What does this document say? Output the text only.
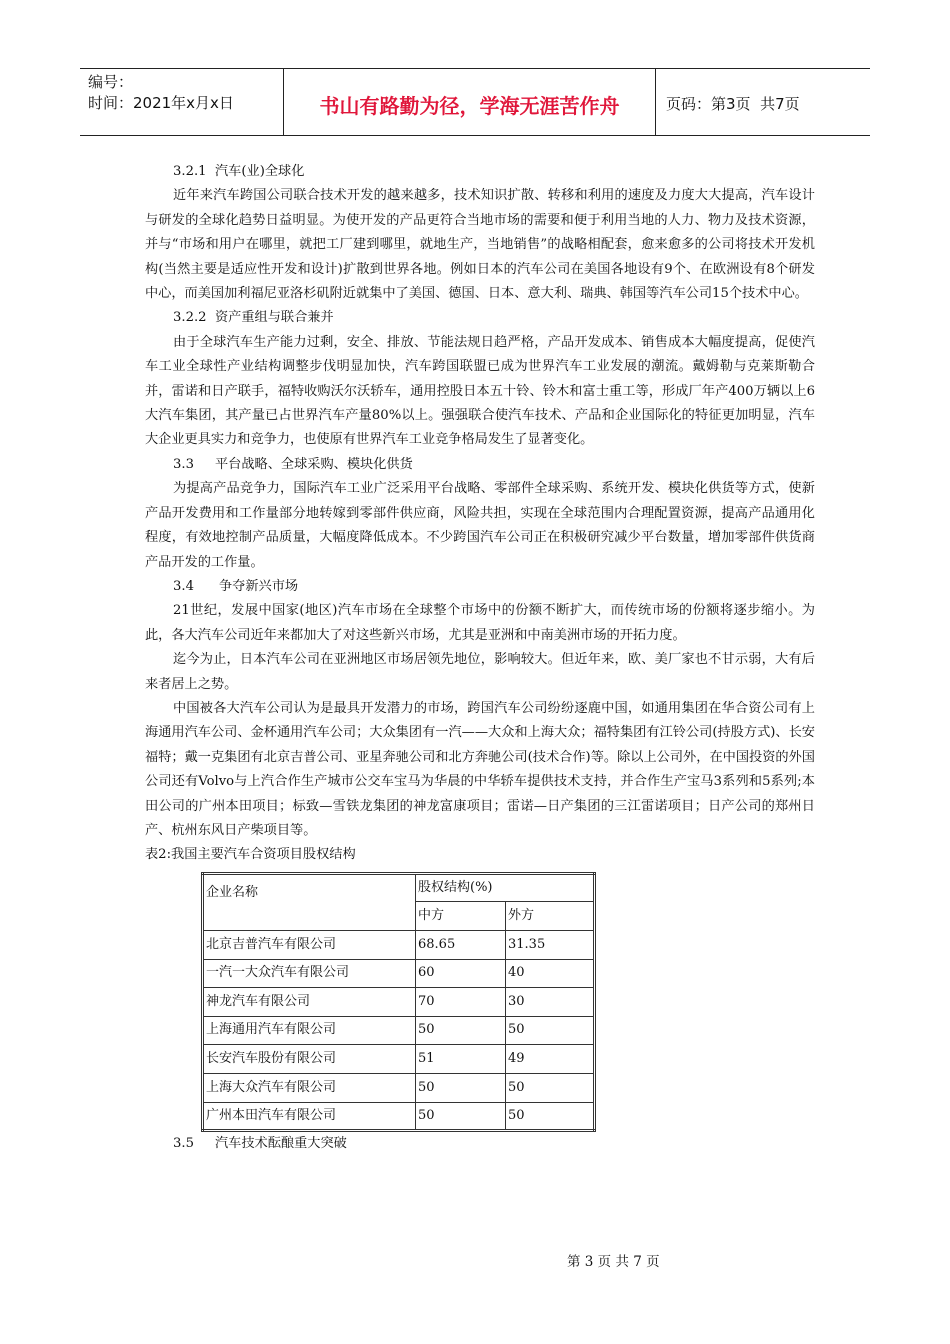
编号：
时间：2021年x月x日	书山有路勤为径，学海无涯苦作舟	页码：第3页  共7页

3.2.1 汽车(业)全球化

近年来汽车跨国公司联合技术开发的越来越多，技术知识扩散、转移和利用的速度及力度大大提高，汽车设计与研发的全球化趋势日益明显。为使开发的产品更符合当地市场的需要和便于利用当地的人力、物力及技术资源，并与“市场和用户在哪里，就把工厂建到哪里，就地生产，当地销售”的战略相配套，愈来愈多的公司将技术开发机构(当然主要是适应性开发和设计)扩散到世界各地。例如日本的汽车公司在美国各地设有9个、在欧洲设有8个研发中心，而美国加利福尼亚洛杉矶附近就集中了美国、德国、日本、意大利、瑞典、韩国等汽车公司15个技术中心。

3.2.2 资产重组与联合兼并

由于全球汽车生产能力过剩，安全、排放、节能法规日趋严格，产品开发成本、销售成本大幅度提高，促使汽车工业全球性产业结构调整步伐明显加快，汽车跨国联盟已成为世界汽车工业发展的潮流。戴姆勒与克莱斯勒合并，雷诺和日产联手，福特收购沃尔沃轿车，通用控股日本五十铃、铃木和富士重工等，形成厂年产400万辆以上6大汽车集团，其产量已占世界汽车产量80%以上。强强联合使汽车技术、产品和企业国际化的特征更加明显，汽车大企业更具实力和竞争力，也使原有世界汽车工业竞争格局发生了显著变化。

3.3 平台战略、全球采购、模块化供货

为提高产品竞争力，国际汽车工业广泛采用平台战略、零部件全球采购、系统开发、模块化供货等方式，使新产品开发费用和工作量部分地转嫁到零部件供应商，风险共担，实现在全球范围内合理配置资源，提高产品通用化程度，有效地控制产品质量，大幅度降低成本。不少跨国汽车公司正在积极研究减少平台数量，增加零部件供货商产品开发的工作量。

3.4 争夺新兴市场

21世纪，发展中国家(地区)汽车市场在全球整个市场中的份额不断扩大，而传统市场的份额将逐步缩小。为此，各大汽车公司近年来都加大了对这些新兴市场，尤其是亚洲和中南美洲市场的开拓力度。

迄今为止，日本汽车公司在亚洲地区市场居领先地位，影响较大。但近年来，欧、美厂家也不甘示弱，大有后来者居上之势。

中国被各大汽车公司认为是最具开发潜力的市场，跨国汽车公司纷纷逐鹿中国，如通用集团在华合资公司有上海通用汽车公司、金杯通用汽车公司；大众集团有一汽——大众和上海大众；福特集团有江铃公司(持股方式)、长安福特；戴一克集团有北京吉普公司、亚星奔驰公司和北方奔驰公司(技术合作)等。除以上公司外，在中国投资的外国公司还有Volvo与上汽合作生产城市公交车宝马为华晨的中华轿车提供技术支持，并合作生产宝马3系列和5系列;本田公司的广州本田项目；标致—雪铁龙集团的神龙富康项目；雷诺—日产集团的三江雷诺项目；日产公司的郑州日产、杭州东风日产柴项目等。

表2:我国主要汽车合资项目股权结构

企业名称	股权结构(%)	
	中方	外方
北京吉普汽车有限公司	68.65	31.35
一汽一大众汽车有限公司	60	40
神龙汽车有限公司	70	30
上海通用汽车有限公司	50	50
长安汽车股份有限公司	51	49
上海大众汽车有限公司	50	50
广州本田汽车有限公司	50	50

3.5 汽车技术酝酿重大突破

第 3 页 共 7 页
